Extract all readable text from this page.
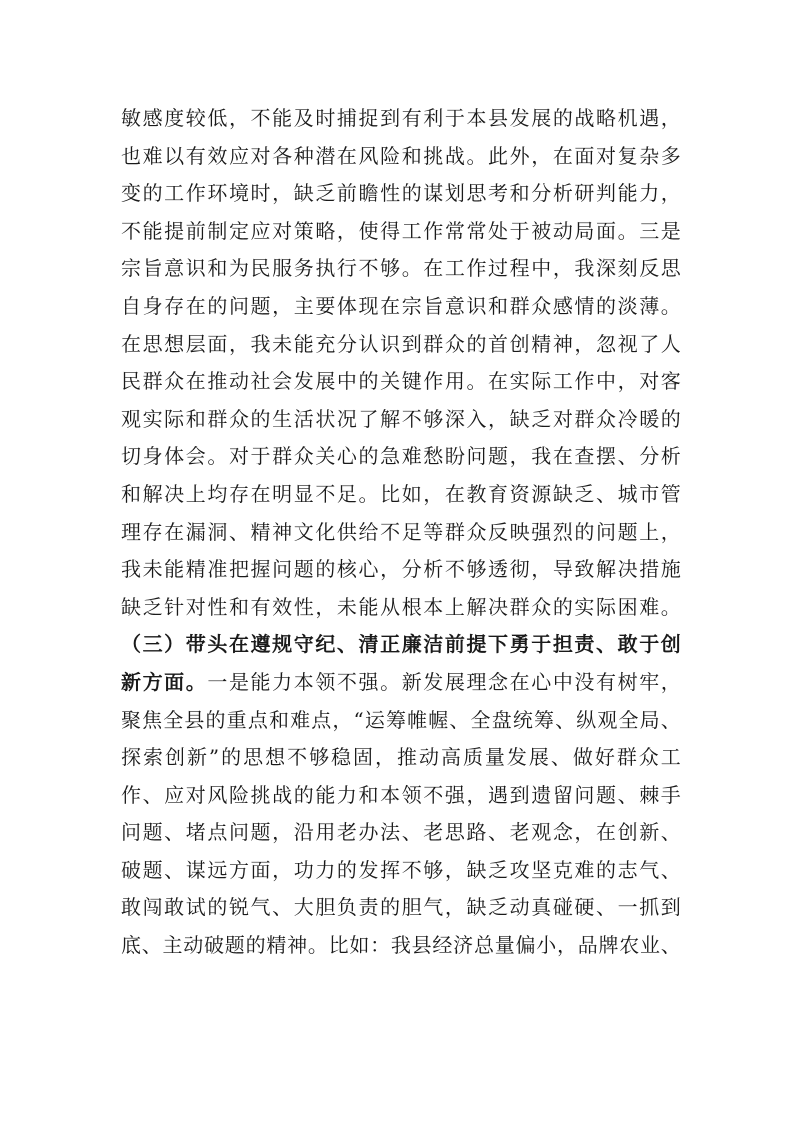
敏感度较低，不能及时捕捉到有利于本县发展的战略机遇，
也难以有效应对各种潜在风险和挑战。此外，在面对复杂多
变的工作环境时，缺乏前瞻性的谋划思考和分析研判能力，
不能提前制定应对策略，使得工作常常处于被动局面。三是
宗旨意识和为民服务执行不够。在工作过程中，我深刻反思
自身存在的问题，主要体现在宗旨意识和群众感情的淡薄。
在思想层面，我未能充分认识到群众的首创精神，忽视了人
民群众在推动社会发展中的关键作用。在实际工作中，对客
观实际和群众的生活状况了解不够深入，缺乏对群众冷暖的
切身体会。对于群众关心的急难愁盼问题，我在查摆、分析
和解决上均存在明显不足。比如，在教育资源缺乏、城市管
理存在漏洞、精神文化供给不足等群众反映强烈的问题上，
我未能精准把握问题的核心，分析不够透彻，导致解决措施
缺乏针对性和有效性，未能从根本上解决群众的实际困难。
（三）带头在遵规守纪、清正廉洁前提下勇于担责、敢于创
新方面。一是能力本领不强。新发展理念在心中没有树牢，
聚焦全县的重点和难点，“运筹帷幄、全盘统筹、纵观全局、
探索创新”的思想不够稳固，推动高质量发展、做好群众工
作、应对风险挑战的能力和本领不强，遇到遗留问题、棘手
问题、堵点问题，沿用老办法、老思路、老观念，在创新、
破题、谋远方面，功力的发挥不够，缺乏攻坚克难的志气、
敢闯敢试的锐气、大胆负责的胆气，缺乏动真碰硬、一抓到
底、主动破题的精神。比如：我县经济总量偏小，品牌农业、
